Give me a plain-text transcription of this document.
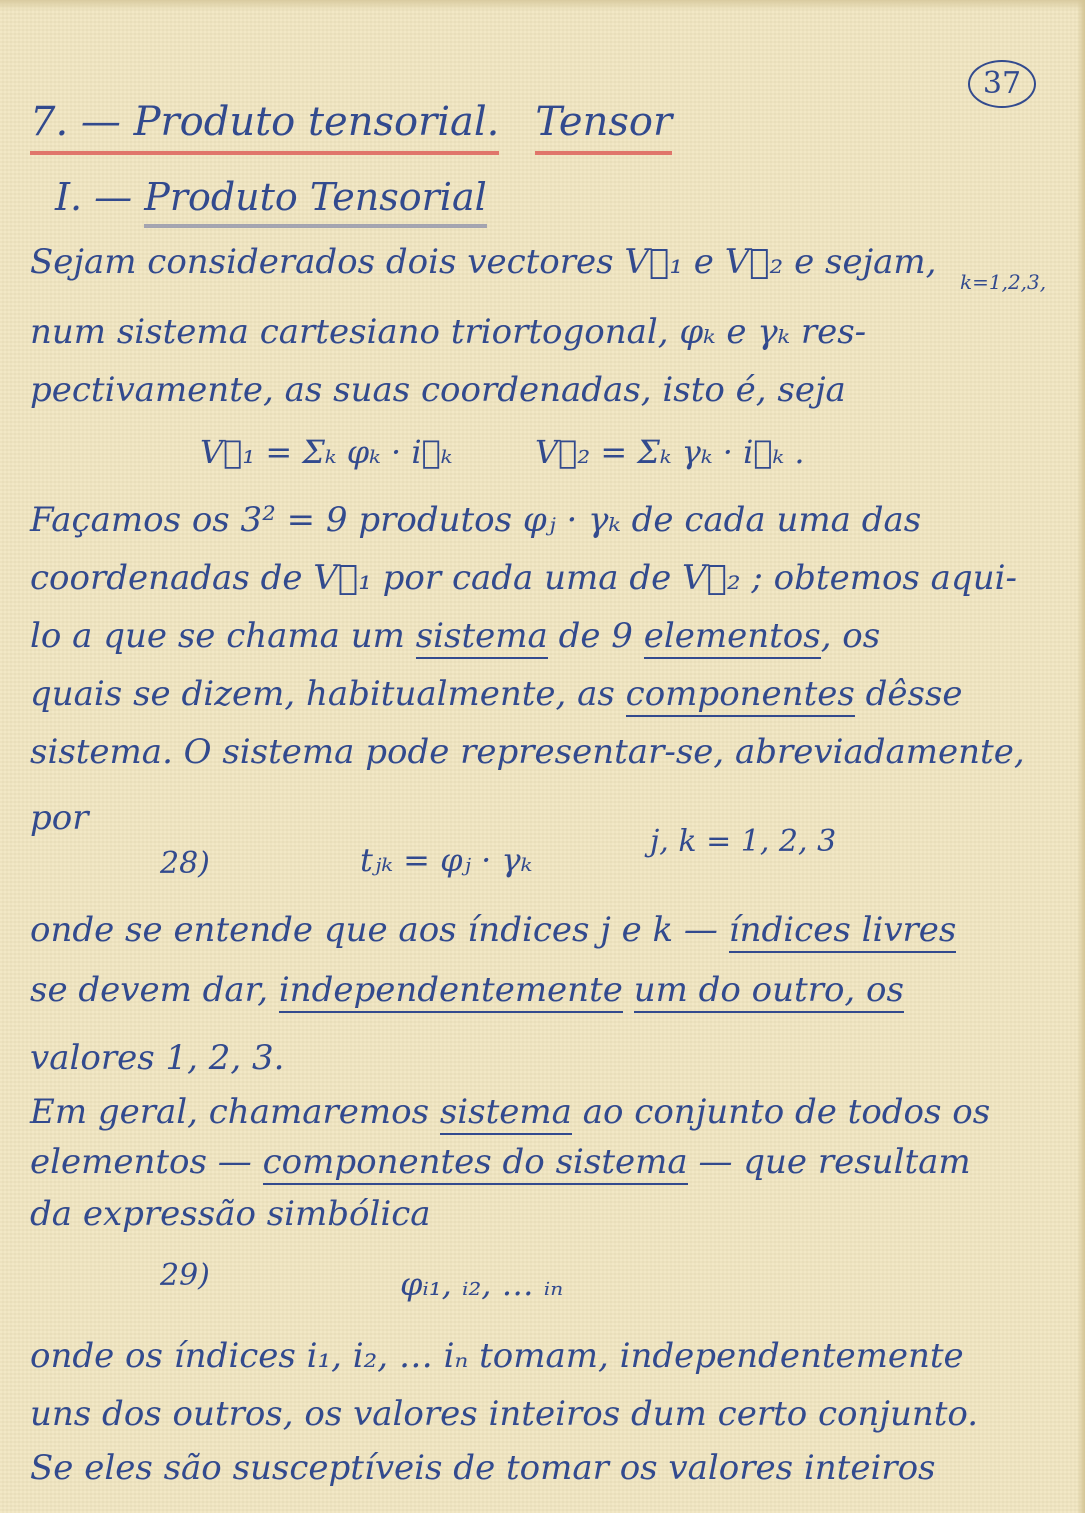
37
7. — Produto tensorial. Tensor
I. — Produto Tensorial
k=1,2,3,
Sejam considerados dois vectores V⃗₁ e V⃗₂ e sejam,
num sistema cartesiano triortogonal, φₖ e γₖ res-
pectivamente, as suas coordenadas, isto é, seja
V⃗₁ = Σₖ φₖ · i⃗ₖ	V⃗₂ = Σₖ γₖ · i⃗ₖ .
Façamos os 3² = 9 produtos φⱼ · γₖ de cada uma das
coordenadas de V⃗₁ por cada uma de V⃗₂ ; obtemos aqui-
lo a que se chama um sistema de 9 elementos, os
quais se dizem, habitualmente, as componentes dêsse
sistema. O sistema pode representar-se, abreviadamente,
por
28)	tⱼₖ = φⱼ · γₖ	j, k = 1, 2, 3
onde se entende que aos índices j e k — índices livres
se devem dar, independentemente um do outro, os
valores 1, 2, 3.
Em geral, chamaremos sistema ao conjunto de todos os
elementos — componentes do sistema — que resultam
da expressão simbólica
29)	φᵢ₁, ᵢ₂, … ᵢₙ
onde os índices i₁, i₂, … iₙ tomam, independentemente
uns dos outros, os valores inteiros dum certo conjunto.
Se eles são susceptíveis de tomar os valores inteiros
